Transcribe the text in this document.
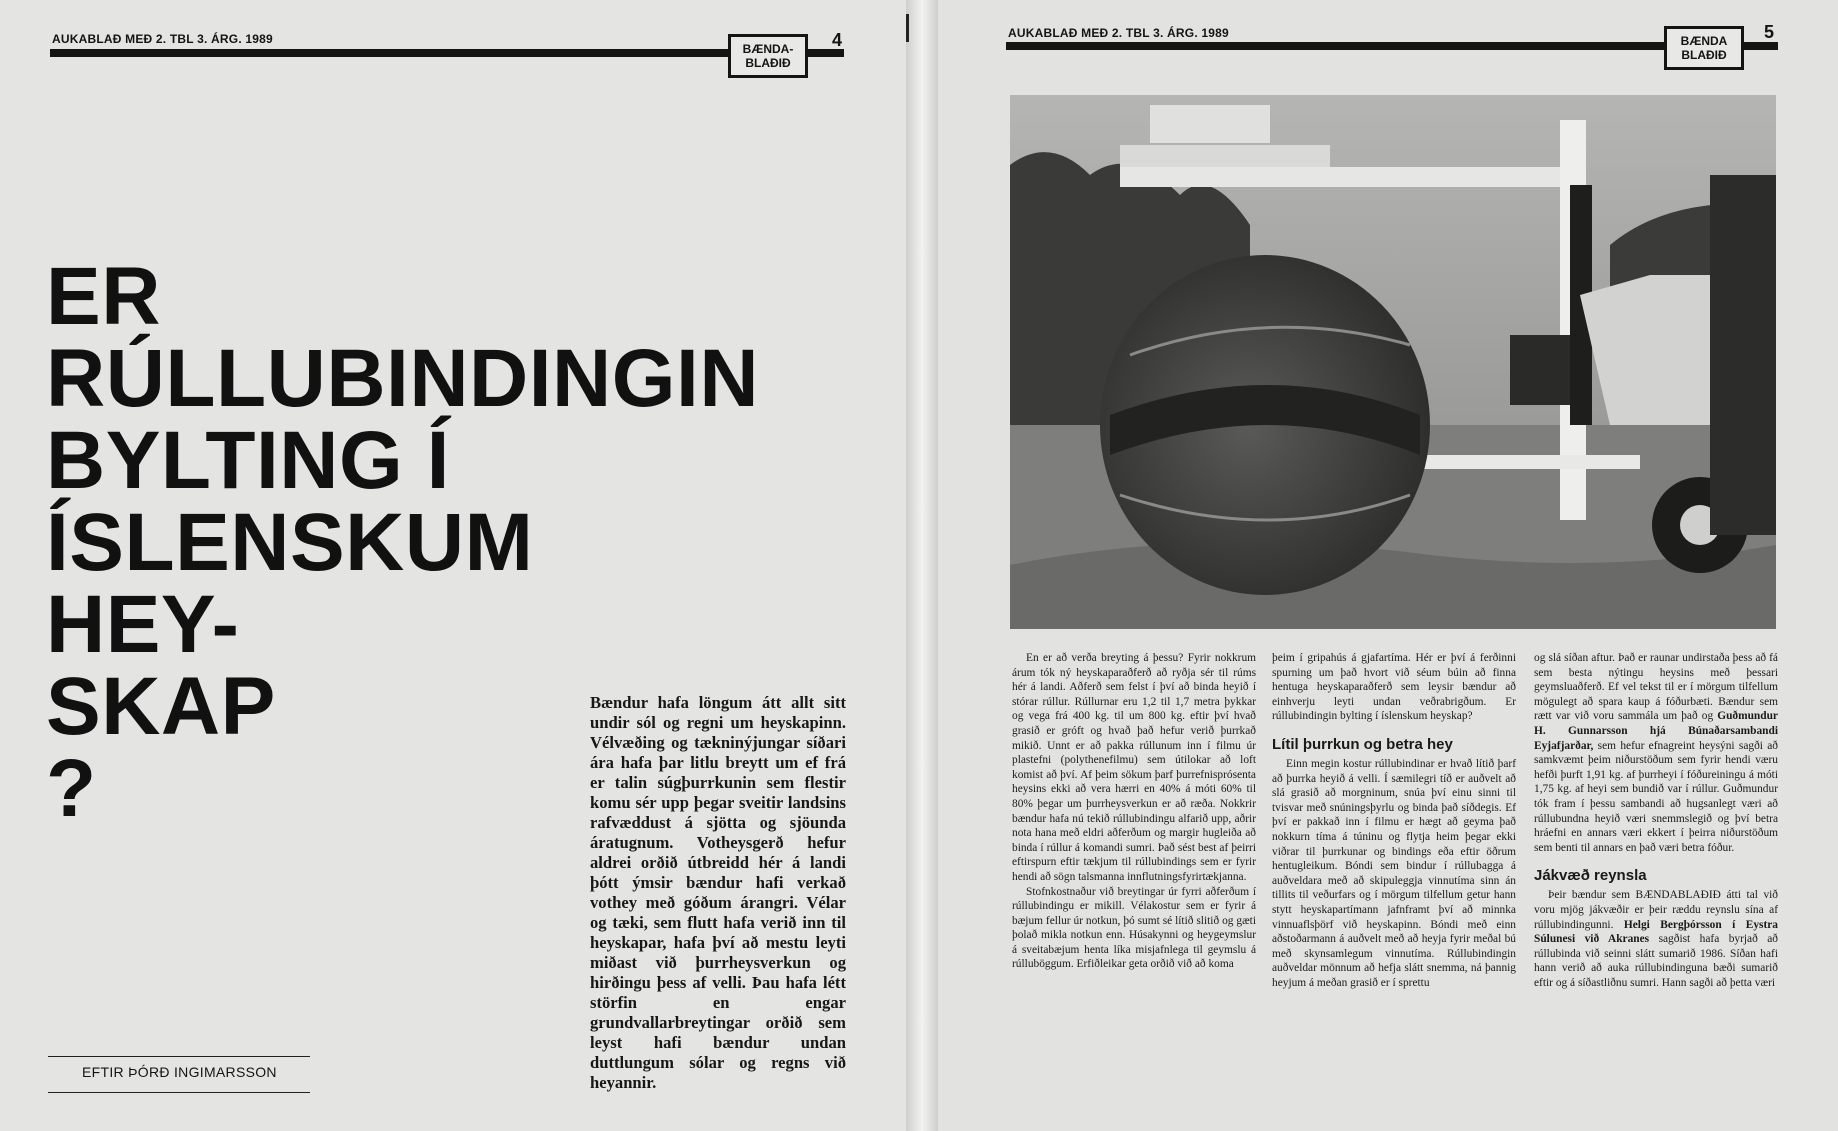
AUKABLAÐ MEÐ 2. TBL 3. ÁRG. 1989
BÆNDA-
BLAÐIÐ
4
ER
RÚLLUBINDINGIN
BYLTING Í
ÍSLENSKUM
HEY-
SKAP
?

Bændur hafa löngum átt allt sitt undir sól og regni um heyskapinn. Vélvæðing og tækninýjungar síðari ára hafa þar litlu breytt um ef frá er talin súgþurrkunin sem flestir komu sér upp þegar sveitir landsins rafvæddust á sjötta og sjöunda áratugnum. Votheysgerð hefur aldrei orðið útbreidd hér á landi þótt ýmsir bændur hafi verkað vothey með góðum árangri. Vélar og tæki, sem flutt hafa verið inn til heyskapar, hafa því að mestu leyti miðast við þurrheysverkun og hirðingu þess af velli. Þau hafa létt störfin en engar grundvallarbreytingar orðið sem leyst hafi bændur undan duttlungum sólar og regns við heyannir.

EFTIR ÞÓRÐ INGIMARSSON
AUKABLAÐ MEÐ 2. TBL 3. ÁRG. 1989
BÆNDA
BLAÐIÐ
5

En er að verða breyting á þessu? Fyrir nokkrum árum tók ný heyskaparaðferð að ryðja sér til rúms hér á landi. Aðferð sem felst í því að binda heyið í stórar rúllur. Rúllurnar eru 1,2 til 1,7 metra þykkar og vega frá 400 kg. til um 800 kg. eftir því hvað grasið er gróft og hvað það hefur verið þurrkað mikið. Unnt er að pakka rúllunum inn í filmu úr plastefni (polythenefilmu) sem útilokar að loft komist að því. Af þeim sökum þarf þurrefnisprósenta heysins ekki að vera hærri en 40% á móti 60% til 80% þegar um þurrheysverkun er að ræða. Nokkrir bændur hafa nú tekið rúllubindingu alfarið upp, aðrir nota hana með eldri aðferðum og margir hugleiða að binda í rúllur á komandi sumri. Það sést best af þeirri eftirspurn eftir tækjum til rúllubindings sem er fyrir hendi að sögn talsmanna innflutningsfyrirtækjanna.

Stofnkostnaður við breytingar úr fyrri aðferðum í rúllubindingu er mikill. Vélakostur sem er fyrir á bæjum fellur úr notkun, þó sumt sé lítið slitið og gæti þolað mikla notkun enn. Húsakynni og heygeymslur á sveitabæjum henta líka misjafnlega til geymslu á rúlluböggum. Erfiðleikar geta orðið við að koma

þeim í gripahús á gjafartíma. Hér er því á ferðinni spurning um það hvort við séum búin að finna hentuga heyskaparaðferð sem leysir bændur að einhverju leyti undan veðrabrigðum. Er rúllubindingin bylting í íslenskum heyskap?

Lítil þurrkun og betra hey

Einn megin kostur rúllubindinar er hvað lítið þarf að þurrka heyið á velli. Í sæmilegri tíð er auðvelt að slá grasið að morgninum, snúa því einu sinni til tvisvar með snúningsþyrlu og binda það síðdegis. Ef því er pakkað inn í filmu er hægt að geyma það nokkurn tíma á túninu og flytja heim þegar ekki viðrar til þurrkunar og bindings eða eftir öðrum hentugleikum. Bóndi sem bindur í rúllubagga á auðveldara með að skipuleggja vinnutíma sinn án tillits til veðurfars og í mörgum tilfellum getur hann stytt heyskapartímann jafnframt því að minnka vinnuaflsþörf við heyskapinn. Bóndi með einn aðstoðarmann á auðvelt með að heyja fyrir meðal bú með skynsamlegum vinnutíma. Rúllubindingin auðveldar mönnum að hefja slátt snemma, ná þannig heyjum á meðan grasið er í sprettu

og slá síðan aftur. Það er raunar undirstaða þess að fá sem besta nýtingu heysins með þessari geymsluaðferð. Ef vel tekst til er í mörgum tilfellum mögulegt að spara kaup á fóðurbæti. Bændur sem rætt var við voru sammála um það og Guðmundur H. Gunnarsson hjá Búnaðarsambandi Eyjafjarðar, sem hefur efnagreint heysýni sagði að samkvæmt þeim niðurstöðum sem fyrir hendi væru hefði þurft 1,91 kg. af þurrheyi í fóðureiningu á móti 1,75 kg. af heyi sem bundið var í rúllur. Guðmundur tók fram í þessu sambandi að hugsanlegt væri að rúllubundna heyið væri snemmslegið og því betra hráefni en annars væri ekkert í þeirra niðurstöðum sem benti til annars en það væri betra fóður.

Jákvæð reynsla

Þeir bændur sem BÆNDABLAÐIÐ átti tal við voru mjög jákvæðir er þeir ræddu reynslu sína af rúllubindingunni. Helgi Bergþórsson í Eystra Súlunesi við Akranes sagðist hafa byrjað að rúllubinda við seinni slátt sumarið 1986. Síðan hafi hann verið að auka rúllubindinguna bæði sumarið eftir og á síðastliðnu sumri. Hann sagði að þetta væri
